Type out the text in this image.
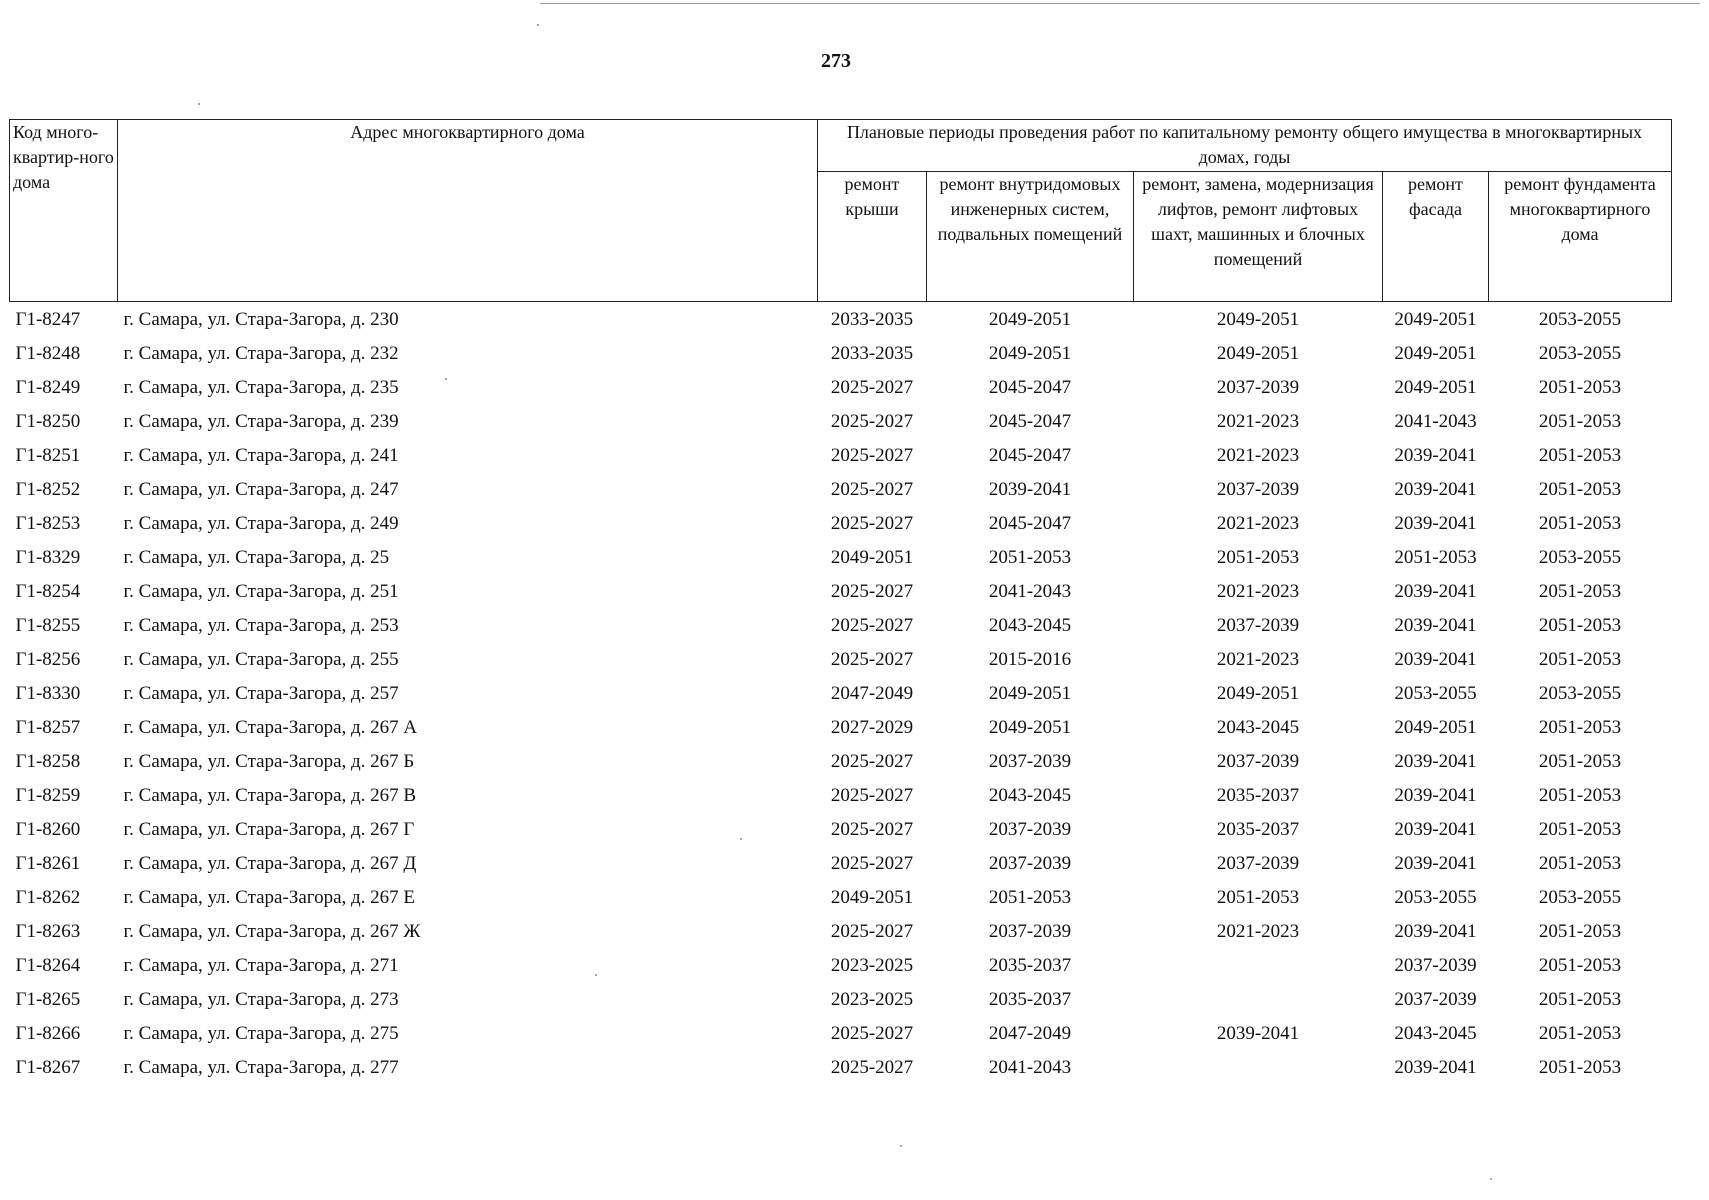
273
Код много-квартир-ного дома	Адрес многоквартирного дома	Плановые периоды проведения работ по капитальному ремонту общего имущества в многоквартирных домах, годы				
		ремонт крыши	ремонт внутридомовых инженерных систем, подвальных помещений	ремонт, замена, модернизация лифтов, ремонт лифтовых шахт, машинных и блочных помещений	ремонт фасада	ремонт фундамента многоквартирного дома
Г1-8247	г. Самара, ул. Стара-Загора, д. 230	2033-2035	2049-2051	2049-2051	2049-2051	2053-2055
Г1-8248	г. Самара, ул. Стара-Загора, д. 232	2033-2035	2049-2051	2049-2051	2049-2051	2053-2055
Г1-8249	г. Самара, ул. Стара-Загора, д. 235	2025-2027	2045-2047	2037-2039	2049-2051	2051-2053
Г1-8250	г. Самара, ул. Стара-Загора, д. 239	2025-2027	2045-2047	2021-2023	2041-2043	2051-2053
Г1-8251	г. Самара, ул. Стара-Загора, д. 241	2025-2027	2045-2047	2021-2023	2039-2041	2051-2053
Г1-8252	г. Самара, ул. Стара-Загора, д. 247	2025-2027	2039-2041	2037-2039	2039-2041	2051-2053
Г1-8253	г. Самара, ул. Стара-Загора, д. 249	2025-2027	2045-2047	2021-2023	2039-2041	2051-2053
Г1-8329	г. Самара, ул. Стара-Загора, д. 25	2049-2051	2051-2053	2051-2053	2051-2053	2053-2055
Г1-8254	г. Самара, ул. Стара-Загора, д. 251	2025-2027	2041-2043	2021-2023	2039-2041	2051-2053
Г1-8255	г. Самара, ул. Стара-Загора, д. 253	2025-2027	2043-2045	2037-2039	2039-2041	2051-2053
Г1-8256	г. Самара, ул. Стара-Загора, д. 255	2025-2027	2015-2016	2021-2023	2039-2041	2051-2053
Г1-8330	г. Самара, ул. Стара-Загора, д. 257	2047-2049	2049-2051	2049-2051	2053-2055	2053-2055
Г1-8257	г. Самара, ул. Стара-Загора, д. 267 А	2027-2029	2049-2051	2043-2045	2049-2051	2051-2053
Г1-8258	г. Самара, ул. Стара-Загора, д. 267 Б	2025-2027	2037-2039	2037-2039	2039-2041	2051-2053
Г1-8259	г. Самара, ул. Стара-Загора, д. 267 В	2025-2027	2043-2045	2035-2037	2039-2041	2051-2053
Г1-8260	г. Самара, ул. Стара-Загора, д. 267 Г	2025-2027	2037-2039	2035-2037	2039-2041	2051-2053
Г1-8261	г. Самара, ул. Стара-Загора, д. 267 Д	2025-2027	2037-2039	2037-2039	2039-2041	2051-2053
Г1-8262	г. Самара, ул. Стара-Загора, д. 267 Е	2049-2051	2051-2053	2051-2053	2053-2055	2053-2055
Г1-8263	г. Самара, ул. Стара-Загора, д. 267 Ж	2025-2027	2037-2039	2021-2023	2039-2041	2051-2053
Г1-8264	г. Самара, ул. Стара-Загора, д. 271	2023-2025	2035-2037		2037-2039	2051-2053
Г1-8265	г. Самара, ул. Стара-Загора, д. 273	2023-2025	2035-2037		2037-2039	2051-2053
Г1-8266	г. Самара, ул. Стара-Загора, д. 275	2025-2027	2047-2049	2039-2041	2043-2045	2051-2053
Г1-8267	г. Самара, ул. Стара-Загора, д. 277	2025-2027	2041-2043		2039-2041	2051-2053
